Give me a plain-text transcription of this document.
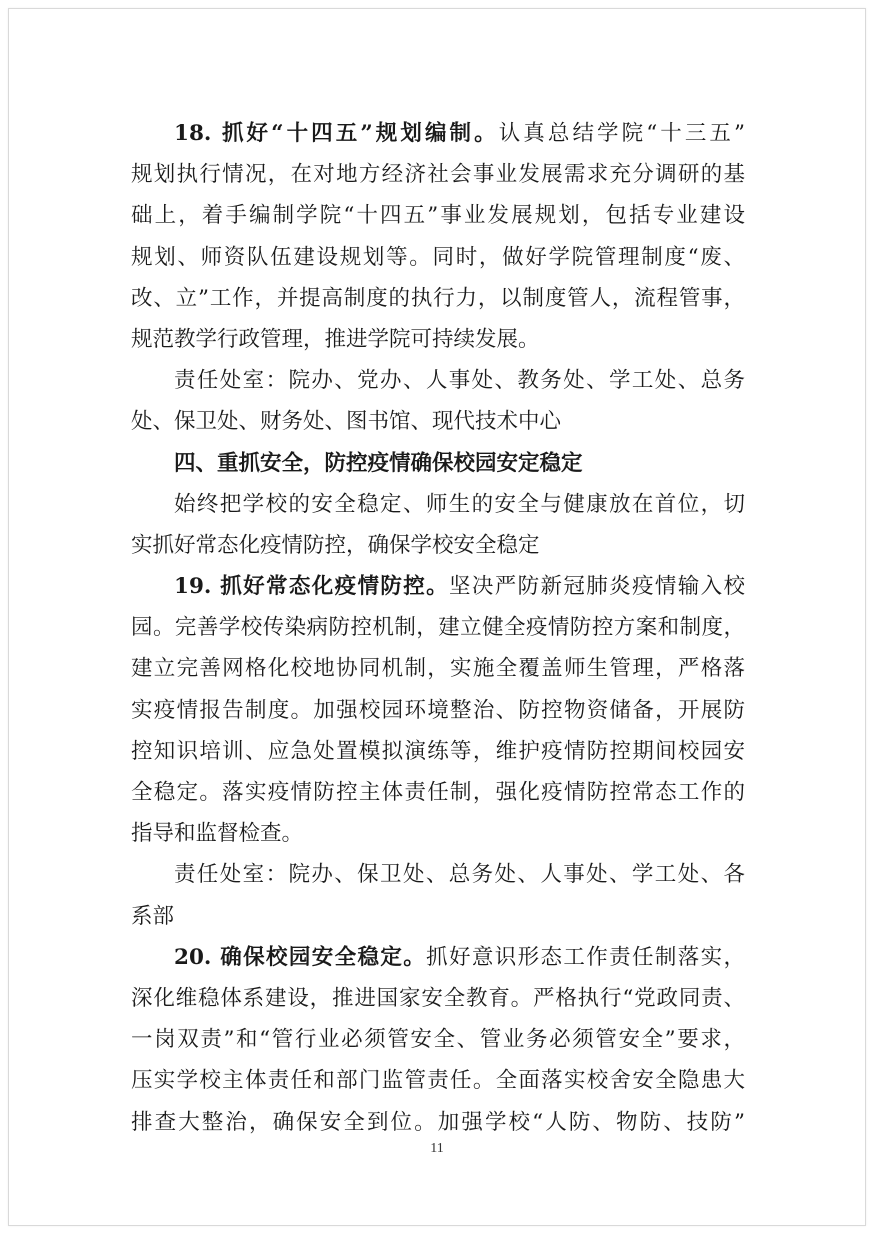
18. 抓好“十四五”规划编制。认真总结学院“十三五”
规划执行情况，在对地方经济社会事业发展需求充分调研的基
础上，着手编制学院“十四五”事业发展规划，包括专业建设
规划、师资队伍建设规划等。同时，做好学院管理制度“废、
改、立”工作，并提高制度的执行力，以制度管人，流程管事，
规范教学行政管理，推进学院可持续发展。
责任处室：院办、党办、人事处、教务处、学工处、总务
处、保卫处、财务处、图书馆、现代技术中心
四、重抓安全，防控疫情确保校园安定稳定
始终把学校的安全稳定、师生的安全与健康放在首位，切
实抓好常态化疫情防控，确保学校安全稳定
19. 抓好常态化疫情防控。坚决严防新冠肺炎疫情输入校
园。完善学校传染病防控机制，建立健全疫情防控方案和制度，
建立完善网格化校地协同机制，实施全覆盖师生管理，严格落
实疫情报告制度。加强校园环境整治、防控物资储备，开展防
控知识培训、应急处置模拟演练等，维护疫情防控期间校园安
全稳定。落实疫情防控主体责任制，强化疫情防控常态工作的
指导和监督检查。
责任处室：院办、保卫处、总务处、人事处、学工处、各
系部
20. 确保校园安全稳定。抓好意识形态工作责任制落实，
深化维稳体系建设，推进国家安全教育。严格执行“党政同责、
一岗双责”和“管行业必须管安全、管业务必须管安全”要求，
压实学校主体责任和部门监管责任。全面落实校舍安全隐患大
排查大整治，确保安全到位。加强学校“人防、物防、技防”
11
